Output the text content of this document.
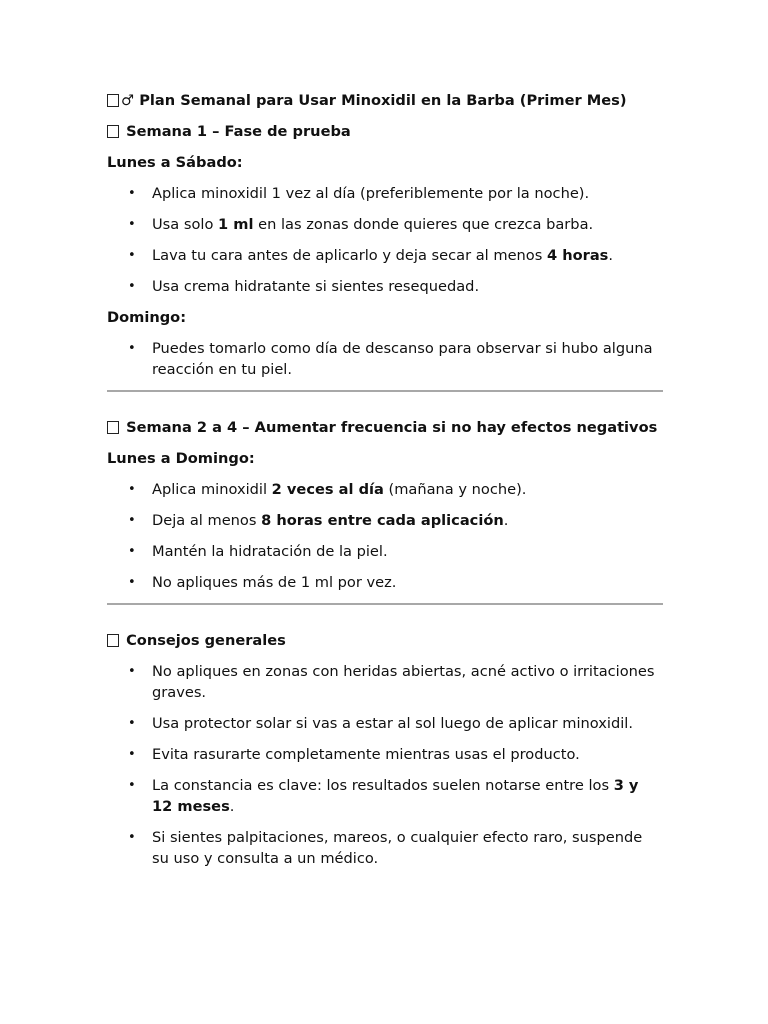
♂ Plan Semanal para Usar Minoxidil en la Barba (Primer Mes)

Semana 1 – Fase de prueba

Lunes a Sábado:

• Aplica minoxidil 1 vez al día (preferiblemente por la noche).
• Usa solo 1 ml en las zonas donde quieres que crezca barba.
• Lava tu cara antes de aplicarlo y deja secar al menos 4 horas.
• Usa crema hidratante si sientes resequedad.

Domingo:

• Puedes tomarlo como día de descanso para observar si hubo alguna reacción en tu piel.

Semana 2 a 4 – Aumentar frecuencia si no hay efectos negativos

Lunes a Domingo:

• Aplica minoxidil 2 veces al día (mañana y noche).
• Deja al menos 8 horas entre cada aplicación.
• Mantén la hidratación de la piel.
• No apliques más de 1 ml por vez.

Consejos generales

• No apliques en zonas con heridas abiertas, acné activo o irritaciones graves.
• Usa protector solar si vas a estar al sol luego de aplicar minoxidil.
• Evita rasurarte completamente mientras usas el producto.
• La constancia es clave: los resultados suelen notarse entre los 3 y 12 meses.
• Si sientes palpitaciones, mareos, o cualquier efecto raro, suspende su uso y consulta a un médico.
